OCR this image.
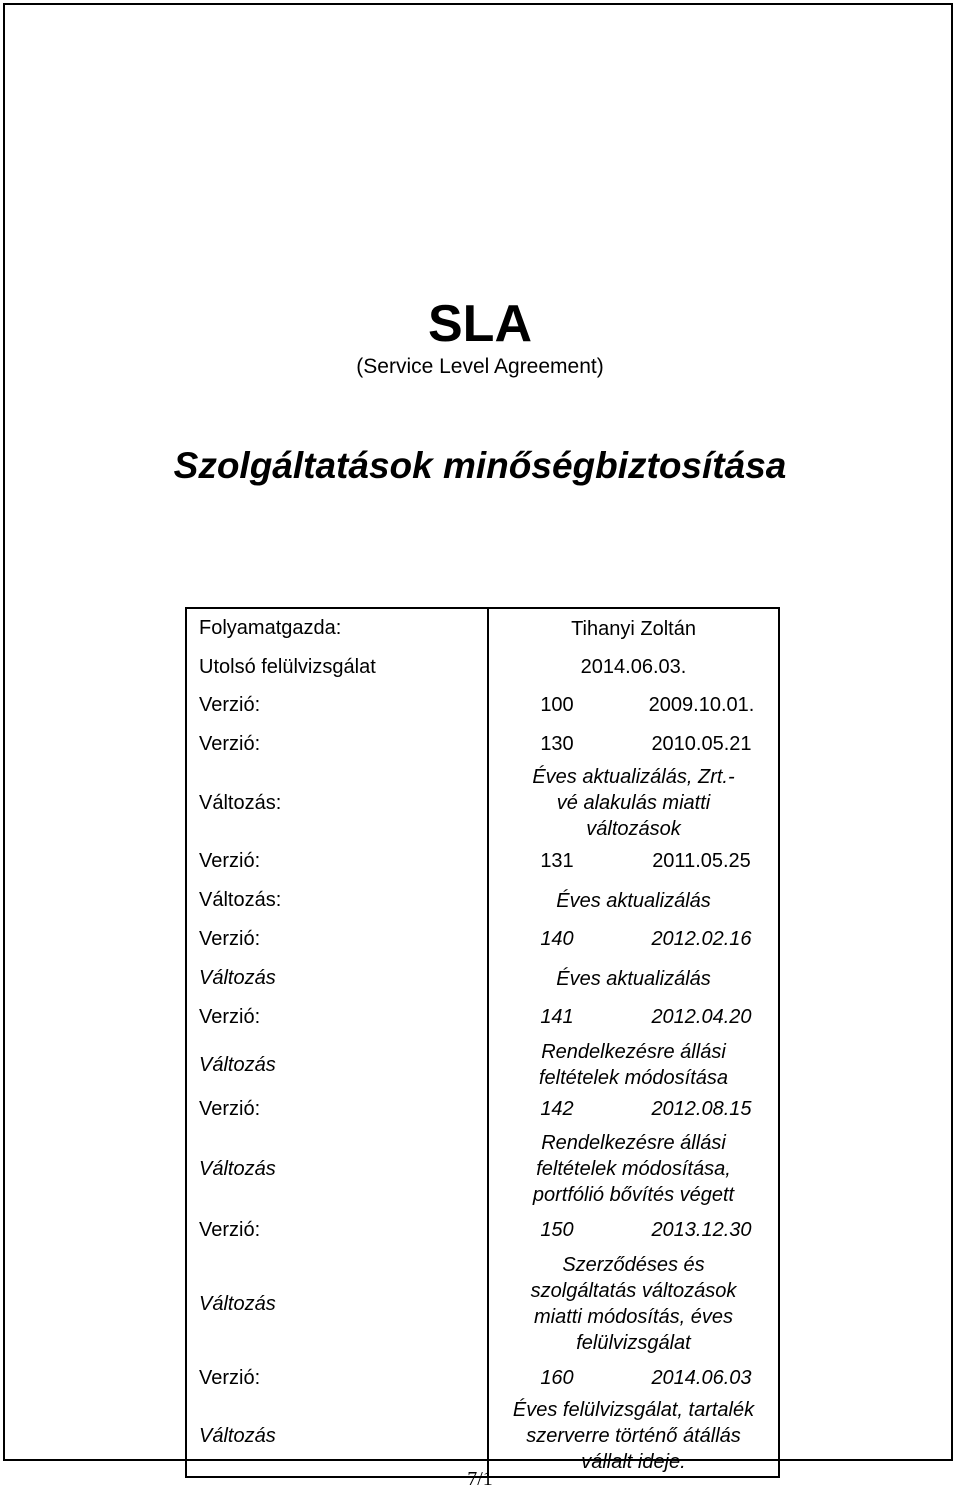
SLA
(Service Level Agreement)
Szolgáltatások minőségbiztosítása
Folyamatgazda:	Tihanyi Zoltán	
Utolsó felülvizsgálat	2014.06.03.	
Verzió:	100	2009.10.01.
Verzió:	130	2010.05.21
Változás:	Éves aktualizálás, Zrt.-vé alakulás miatti változások	
Verzió:	131	2011.05.25
Változás:	Éves aktualizálás	
Verzió:	140	2012.02.16
Változás	Éves aktualizálás	
Verzió:	141	2012.04.20
Változás	Rendelkezésre állási feltételek módosítása	
Verzió:	142	2012.08.15
Változás	Rendelkezésre állási feltételek módosítása, portfólió bővítés végett	
Verzió:	150	2013.12.30
Változás	Szerződéses és szolgáltatás változások miatti módosítás, éves felülvizsgálat	
Verzió:	160	2014.06.03
Változás	Éves felülvizsgálat, tartalék szerverre történő átállás vállalt ideje.	
7/1
